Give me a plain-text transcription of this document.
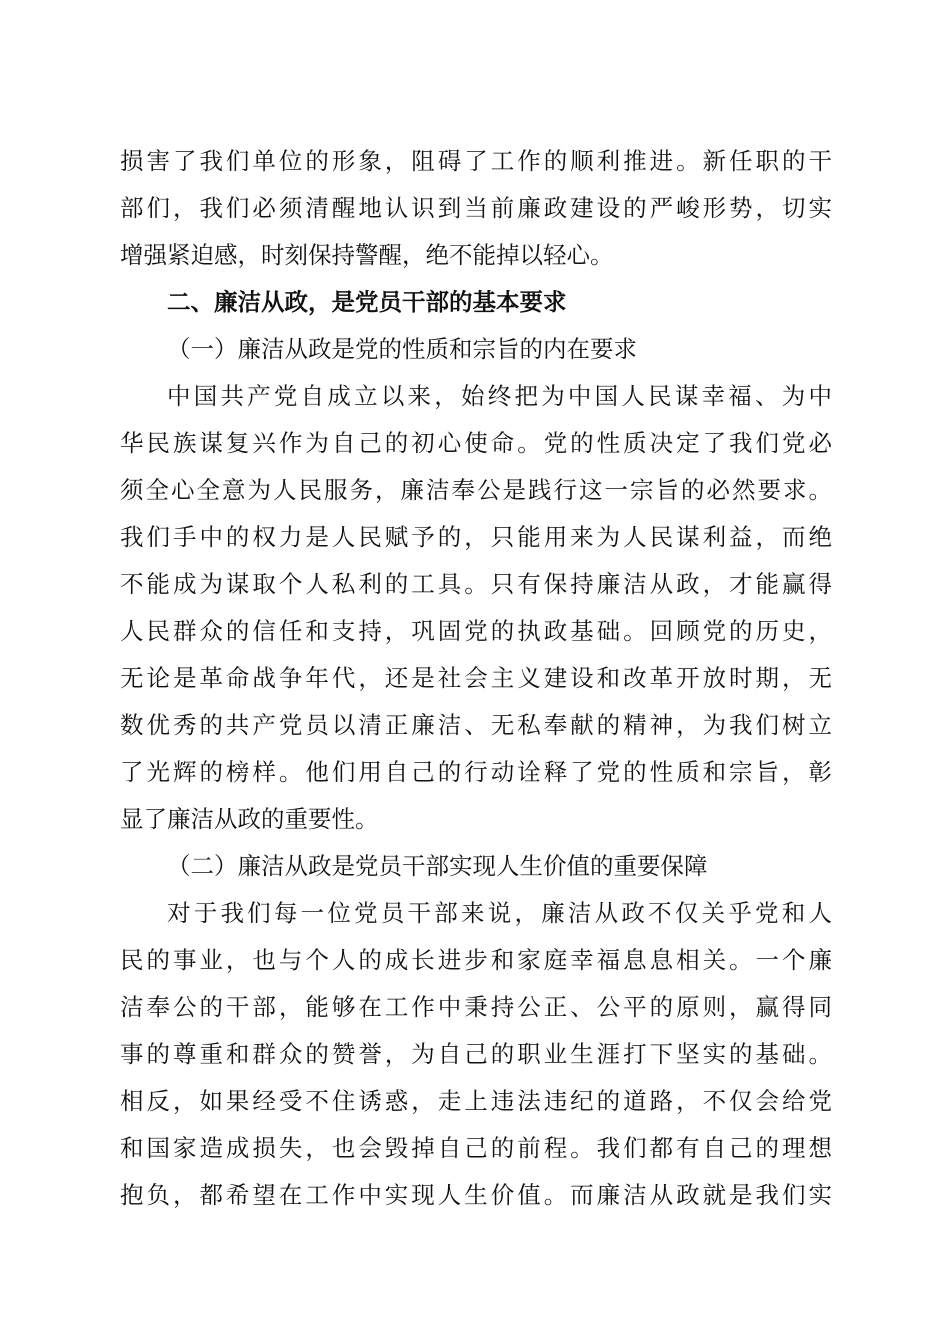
损害了我们单位的形象，阻碍了工作的顺利推进。新任职的干
部们，我们必须清醒地认识到当前廉政建设的严峻形势，切实
增强紧迫感，时刻保持警醒，绝不能掉以轻心。
二、廉洁从政，是党员干部的基本要求
（一）廉洁从政是党的性质和宗旨的内在要求
中国共产党自成立以来，始终把为中国人民谋幸福、为中
华民族谋复兴作为自己的初心使命。党的性质决定了我们党必
须全心全意为人民服务，廉洁奉公是践行这一宗旨的必然要求。
我们手中的权力是人民赋予的，只能用来为人民谋利益，而绝
不能成为谋取个人私利的工具。只有保持廉洁从政，才能赢得
人民群众的信任和支持，巩固党的执政基础。回顾党的历史，
无论是革命战争年代，还是社会主义建设和改革开放时期，无
数优秀的共产党员以清正廉洁、无私奉献的精神，为我们树立
了光辉的榜样。他们用自己的行动诠释了党的性质和宗旨，彰
显了廉洁从政的重要性。
（二）廉洁从政是党员干部实现人生价值的重要保障
对于我们每一位党员干部来说，廉洁从政不仅关乎党和人
民的事业，也与个人的成长进步和家庭幸福息息相关。一个廉
洁奉公的干部，能够在工作中秉持公正、公平的原则，赢得同
事的尊重和群众的赞誉，为自己的职业生涯打下坚实的基础。
相反，如果经受不住诱惑，走上违法违纪的道路，不仅会给党
和国家造成损失，也会毁掉自己的前程。我们都有自己的理想
抱负，都希望在工作中实现人生价值。而廉洁从政就是我们实
